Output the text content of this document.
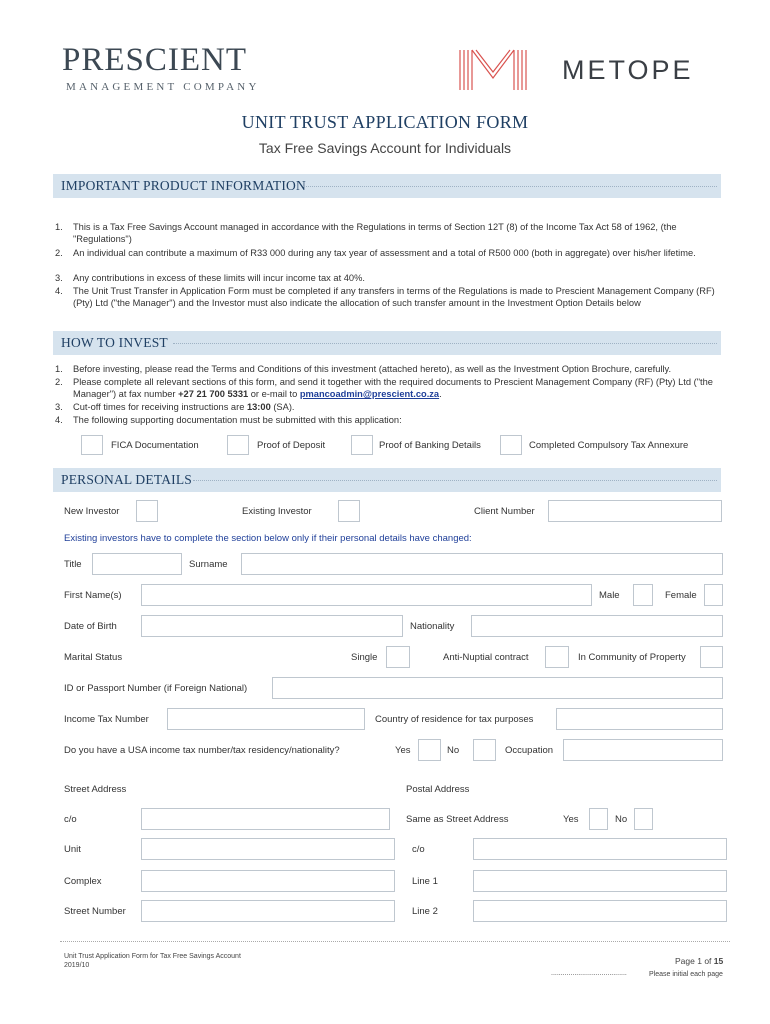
PRESCIENT
MANAGEMENT COMPANY
METOPE
UNIT TRUST APPLICATION FORM
Tax Free Savings Account for Individuals
IMPORTANT PRODUCT INFORMATION
1. This is a Tax Free Savings Account managed in accordance with the Regulations in terms of Section 12T (8) of the Income Tax Act 58 of 1962, (the "Regulations")
2. An individual can contribute a maximum of R33 000 during any tax year of assessment and a total of R500 000 (both in aggregate) over his/her lifetime.
3. Any contributions in excess of these limits will incur income tax at 40%.
4. The Unit Trust Transfer in Application Form must be completed if any transfers in terms of the Regulations is made to Prescient Management Company (RF) (Pty) Ltd ("the Manager") and the Investor must also indicate the allocation of such transfer amount in the Investment Option Details below
HOW TO INVEST
1. Before investing, please read the Terms and Conditions of this investment (attached hereto), as well as the Investment Option Brochure, carefully.
2. Please complete all relevant sections of this form, and send it together with the required documents to Prescient Management Company (RF) (Pty) Ltd ("the Manager") at fax number +27 21 700 5331 or e-mail to pmancoadmin@prescient.co.za.
3. Cut-off times for receiving instructions are 13:00 (SA).
4. The following supporting documentation must be submitted with this application:
FICA Documentation	Proof of Deposit	Proof of Banking Details	Completed Compulsory Tax Annexure
PERSONAL DETAILS
New Investor	Existing Investor	Client Number
Existing investors have to complete the section below only if their personal details have changed:
Title	Surname
First Name(s)	Male	Female
Date of Birth	Nationality
Marital Status	Single	Anti-Nuptial contract	In Community of Property
ID or Passport Number (if Foreign National)
Income Tax Number	Country of residence for tax purposes
Do you have a USA income tax number/tax residency/nationality?	Yes	No	Occupation
Street Address	Postal Address
c/o	Same as Street Address	Yes	No
Unit	c/o
Complex	Line 1
Street Number	Line 2
Unit Trust Application Form for Tax Free Savings Account
2019/10	Page 1 of 15
.......................................	Please initial each page
